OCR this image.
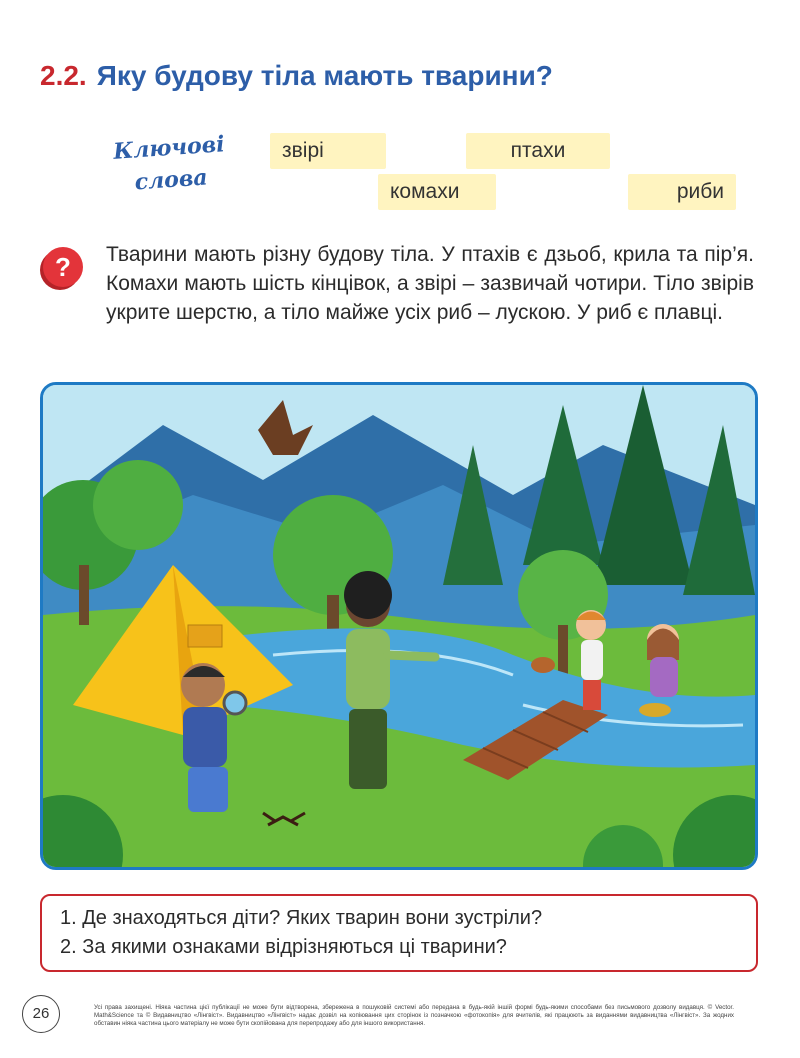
2.2. Яку будову тіла мають тварини?
Ключові
слова
звірі	птахи
комахи	риби
?	Тварини мають різну будову тіла. У птахів є дзьоб, крила та пір’я. Комахи мають шість кінцівок, а звірі – зазвичай чотири. Тіло звірів укрите шерстю, а тіло майже усіх риб – лускою. У риб є плавці.

1. Де знаходяться діти? Яких тварин вони зустріли?
2. За якими ознаками відрізняються ці тварини?
26	Усі права захищені. Ніяка частина цієї публікації не може бути відтворена, збережена в пошуковій системі або передана в будь-якій іншій формі будь-якими способами без письмового дозволу видавця. © Vector. Math&Science та © Видавництво «Лінгвіст». Видавництво «Лінгвіст» надає дозвіл на копіювання цих сторінок із позначкою «фотокопія» для вчителів, які працюють за виданнями видавництва «Лінгвіст». За жодних обставин ніяка частина цього матеріалу не може бути скопійована для перепродажу або для іншого використання.
